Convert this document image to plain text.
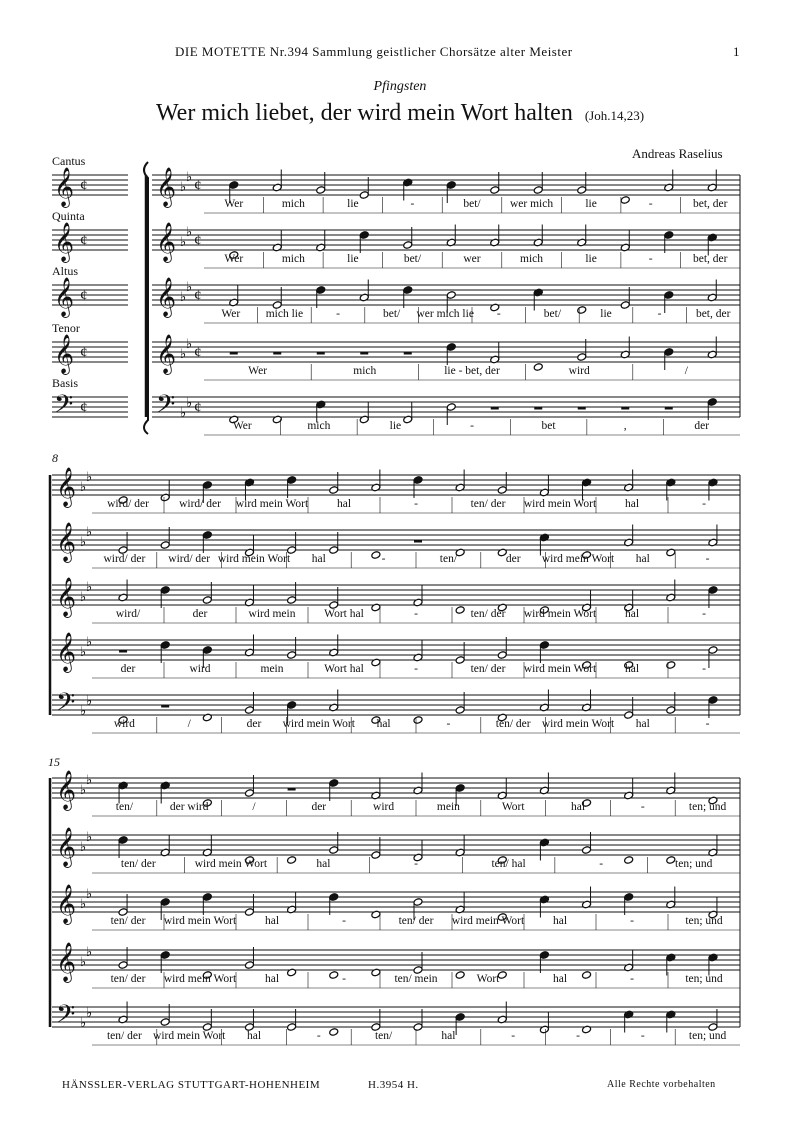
DIE MOTETTE Nr.394 Sammlung geistlicher Chorsätze alter Meister	1
Pfingsten
Wer mich liebet, der wird mein Wort halten (Joh.14,23)
Andreas Raselius
Cantus
𝄞 ¢ 𝄞 ♭
♭
¢
Wer	mich	lie	-	bet/	wer mich	lie	-	bet, der
Quinta
𝄞 ¢ 𝄞 ♭
♭
¢
Wer	mich	lie	bet/	wer	mich	lie	-	bet, der
Altus
𝄞 ¢ 𝄞 ♭
♭
¢
Wer mich lie	-	bet/ wer mich lie -	bet/	lie	-	bet, der
Tenor
𝄞 ¢ 𝄞 ♭
♭
¢
Wer	mich	lie - bet, der	wird	/
Basis
𝄢 ¢ 𝄢 ♭
♭ ¢
Wer	mich	lie	-	bet	,	der
8
𝄞 ♭
♭
wird/ der	wird/ der wird mein Wort	hal	-	ten/ der wird mein Wort	hal	-
𝄞 ♭
♭
wird/ der wird/ der wird mein Wort hal	-	ten/	der wird mein Wort hal	-
𝄞 ♭
♭
wird/	der	wird mein Wort hal	-	ten/ der wird mein Wort	hal	-
𝄞 ♭
♭
der	wird	mein	Wort hal	-	ten/ der wird mein Wort	hal	-
𝄢 ♭
♭
wird	/	der wird mein Wort hal	-	ten/ der wird mein Wort hal	-
15
𝄞 ♭
♭
ten/	der wird	/	der	wird	mein	Wort	hal	-	ten; und
𝄞 ♭
♭
ten/ der	wird mein Wort	hal	-	ten/ hal	-	ten; und
𝄞 ♭
♭
ten/ der wird mein Wort	hal	-	ten/ der wird mein Wort	hal	-	ten; und
𝄞 ♭
♭
ten/ der wird mein Wort	hal	-	ten/ mein	Wort	hal	-	ten; und
𝄢 ♭
♭
ten/ der wird mein Wort hal	-	ten/	hal	-	-	-	ten; und
HÄNSSLER-VERLAG STUTTGART-HOHENHEIM	H.3954 H.	Alle Rechte vorbehalten
